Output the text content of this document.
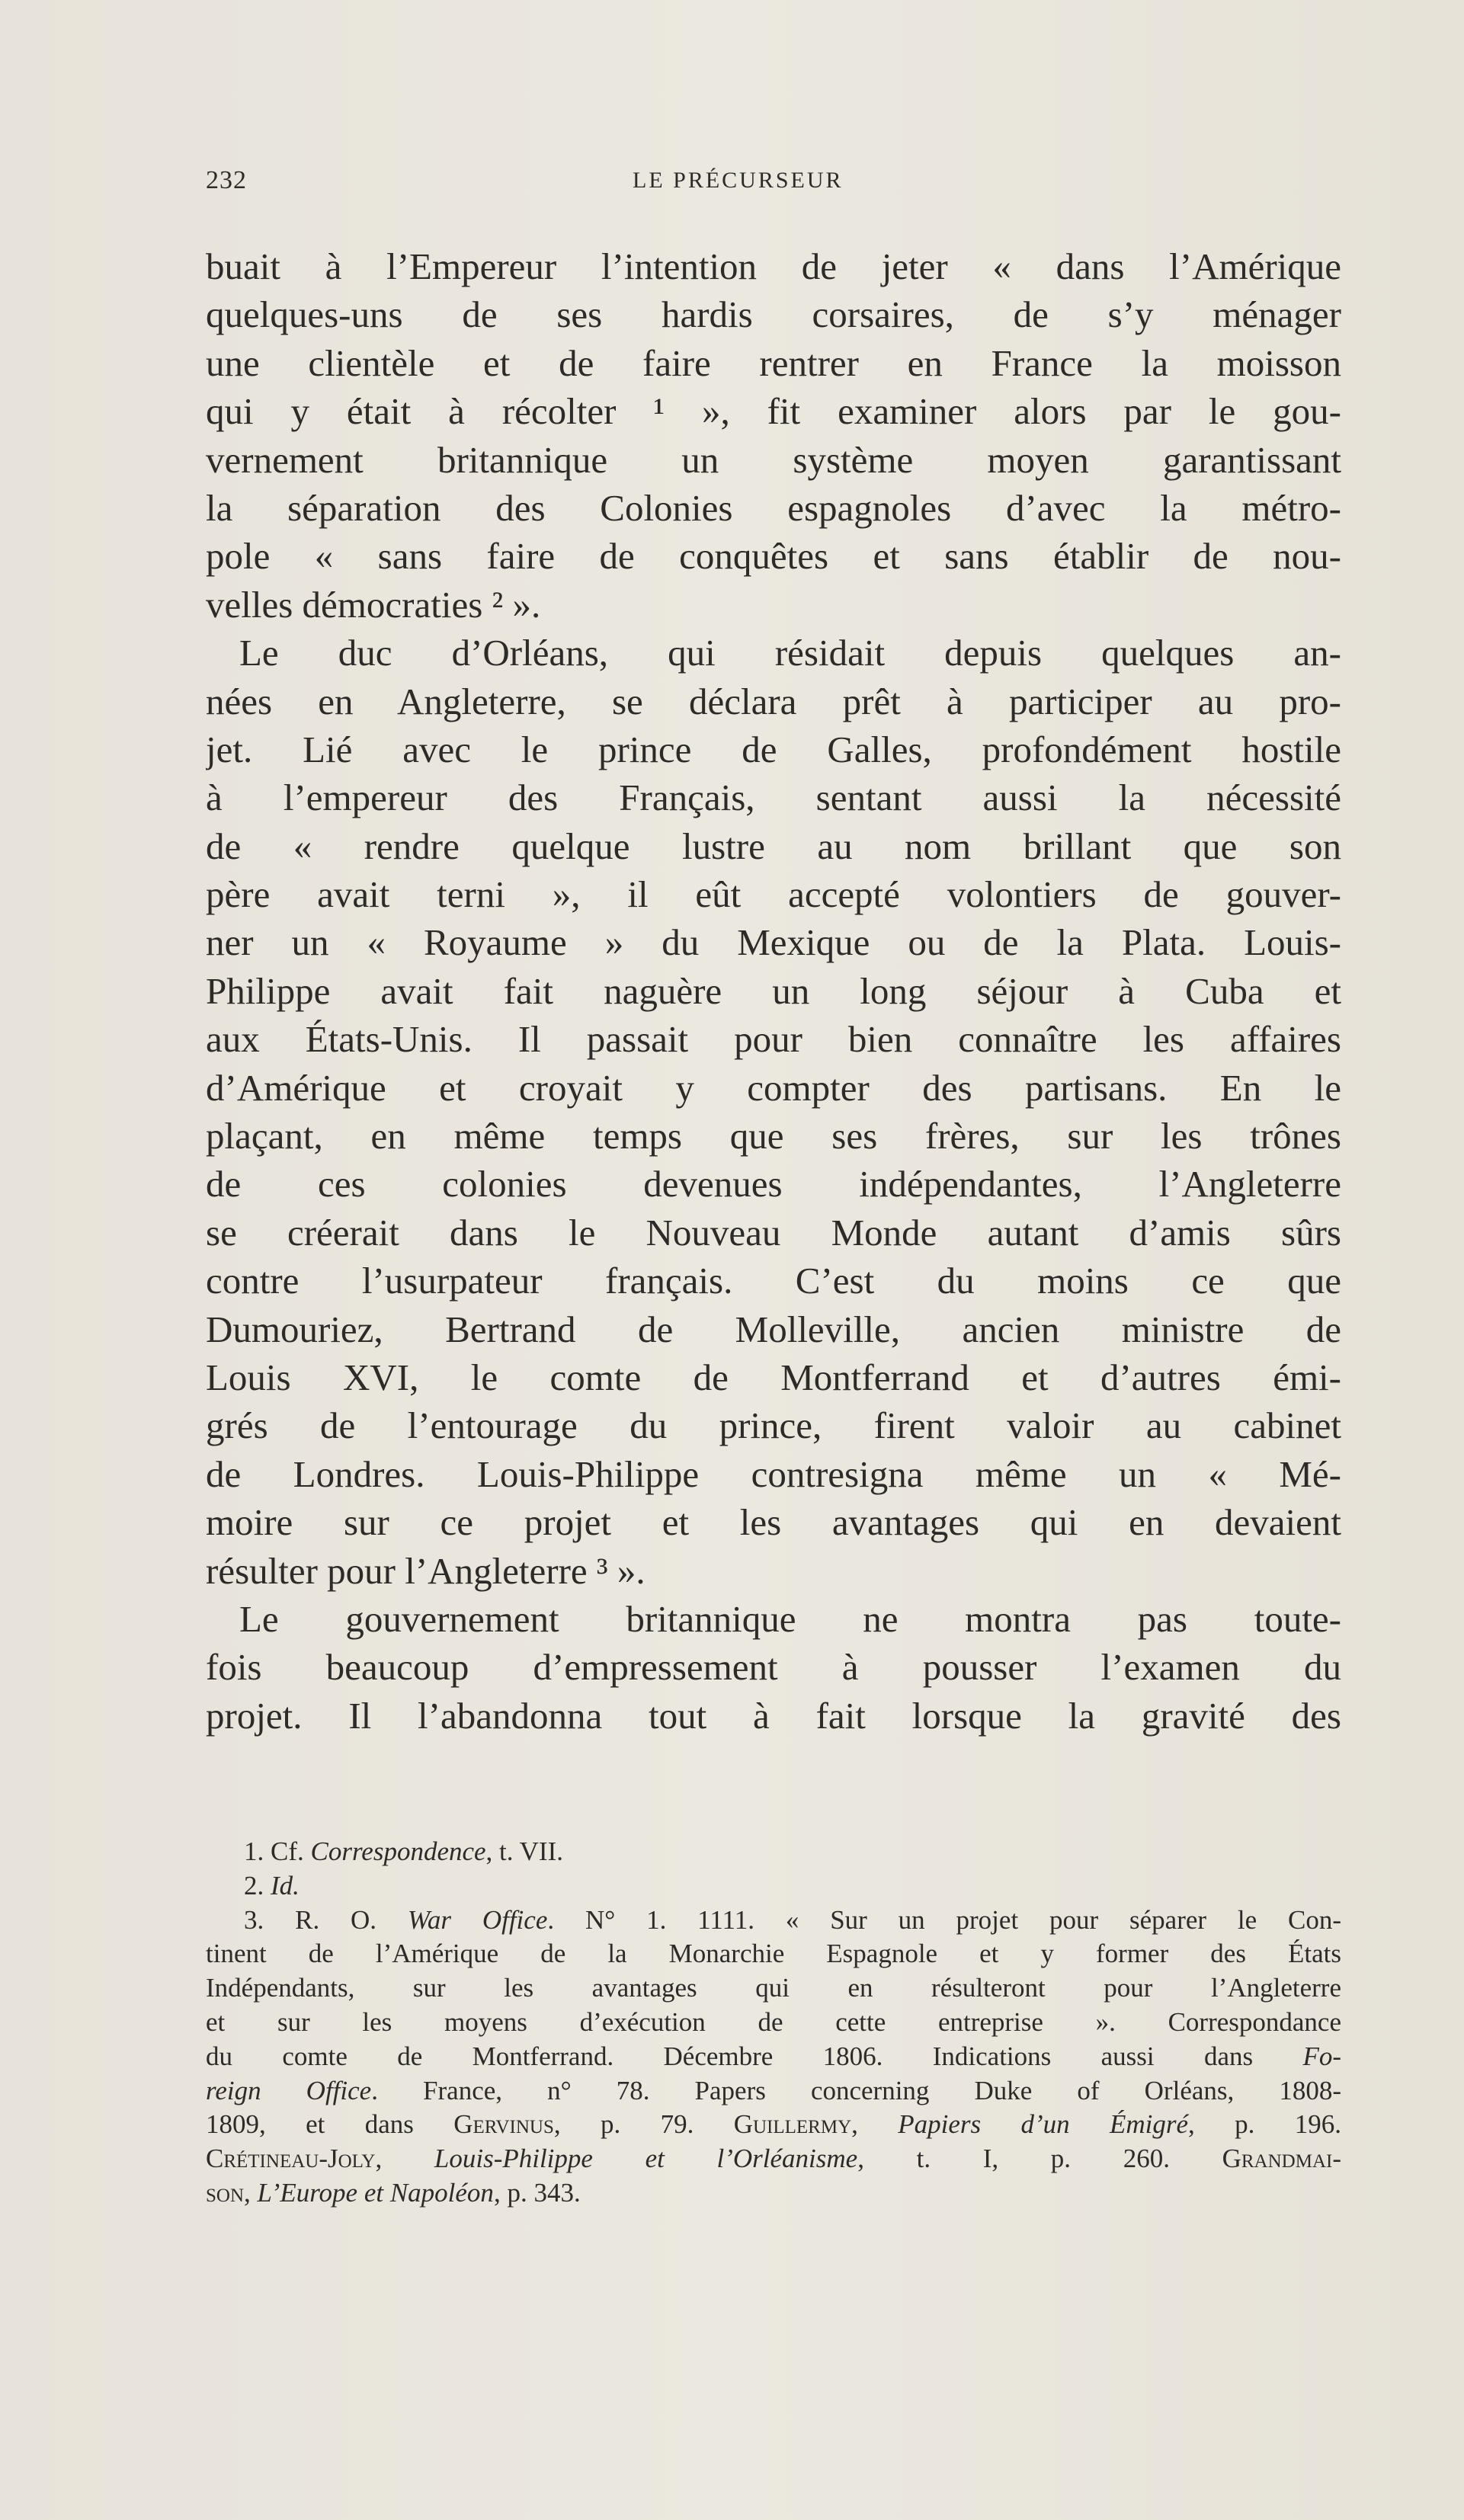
232	LE PRÉCURSEUR
buait à l’Empereur l’intention de jeter « dans l’Amérique
quelques-uns de ses hardis corsaires, de s’y ménager
une clientèle et de faire rentrer en France la moisson
qui y était à récolter ¹ », fit examiner alors par le gou-
vernement britannique un système moyen garantissant
la séparation des Colonies espagnoles d’avec la métro-
pole « sans faire de conquêtes et sans établir de nou-
velles démocraties ² ».
Le duc d’Orléans, qui résidait depuis quelques an-
nées en Angleterre, se déclara prêt à participer au pro-
jet. Lié avec le prince de Galles, profondément hostile
à l’empereur des Français, sentant aussi la nécessité
de « rendre quelque lustre au nom brillant que son
père avait terni », il eût accepté volontiers de gouver-
ner un « Royaume » du Mexique ou de la Plata. Louis-
Philippe avait fait naguère un long séjour à Cuba et
aux États-Unis. Il passait pour bien connaître les affaires
d’Amérique et croyait y compter des partisans. En le
plaçant, en même temps que ses frères, sur les trônes
de ces colonies devenues indépendantes, l’Angleterre
se créerait dans le Nouveau Monde autant d’amis sûrs
contre l’usurpateur français. C’est du moins ce que
Dumouriez, Bertrand de Molleville, ancien ministre de
Louis XVI, le comte de Montferrand et d’autres émi-
grés de l’entourage du prince, firent valoir au cabinet
de Londres. Louis-Philippe contresigna même un « Mé-
moire sur ce projet et les avantages qui en devaient
résulter pour l’Angleterre ³ ».
Le gouvernement britannique ne montra pas toute-
fois beaucoup d’empressement à pousser l’examen du
projet. Il l’abandonna tout à fait lorsque la gravité des
1. Cf. Correspondence, t. VII.
2. Id.
3. R. O. War Office. N° 1. 1111. « Sur un projet pour séparer le Con-
tinent de l’Amérique de la Monarchie Espagnole et y former des États
Indépendants, sur les avantages qui en résulteront pour l’Angleterre
et sur les moyens d’exécution de cette entreprise ». Correspondance
du comte de Montferrand. Décembre 1806. Indications aussi dans Fo-
reign Office. France, n° 78. Papers concerning Duke of Orléans, 1808-
1809, et dans Gervinus, p. 79. Guillermy, Papiers d’un Émigré, p. 196.
Crétineau-Joly, Louis-Philippe et l’Orléanisme, t. I, p. 260. Grandmai-
son, L’Europe et Napoléon, p. 343.
